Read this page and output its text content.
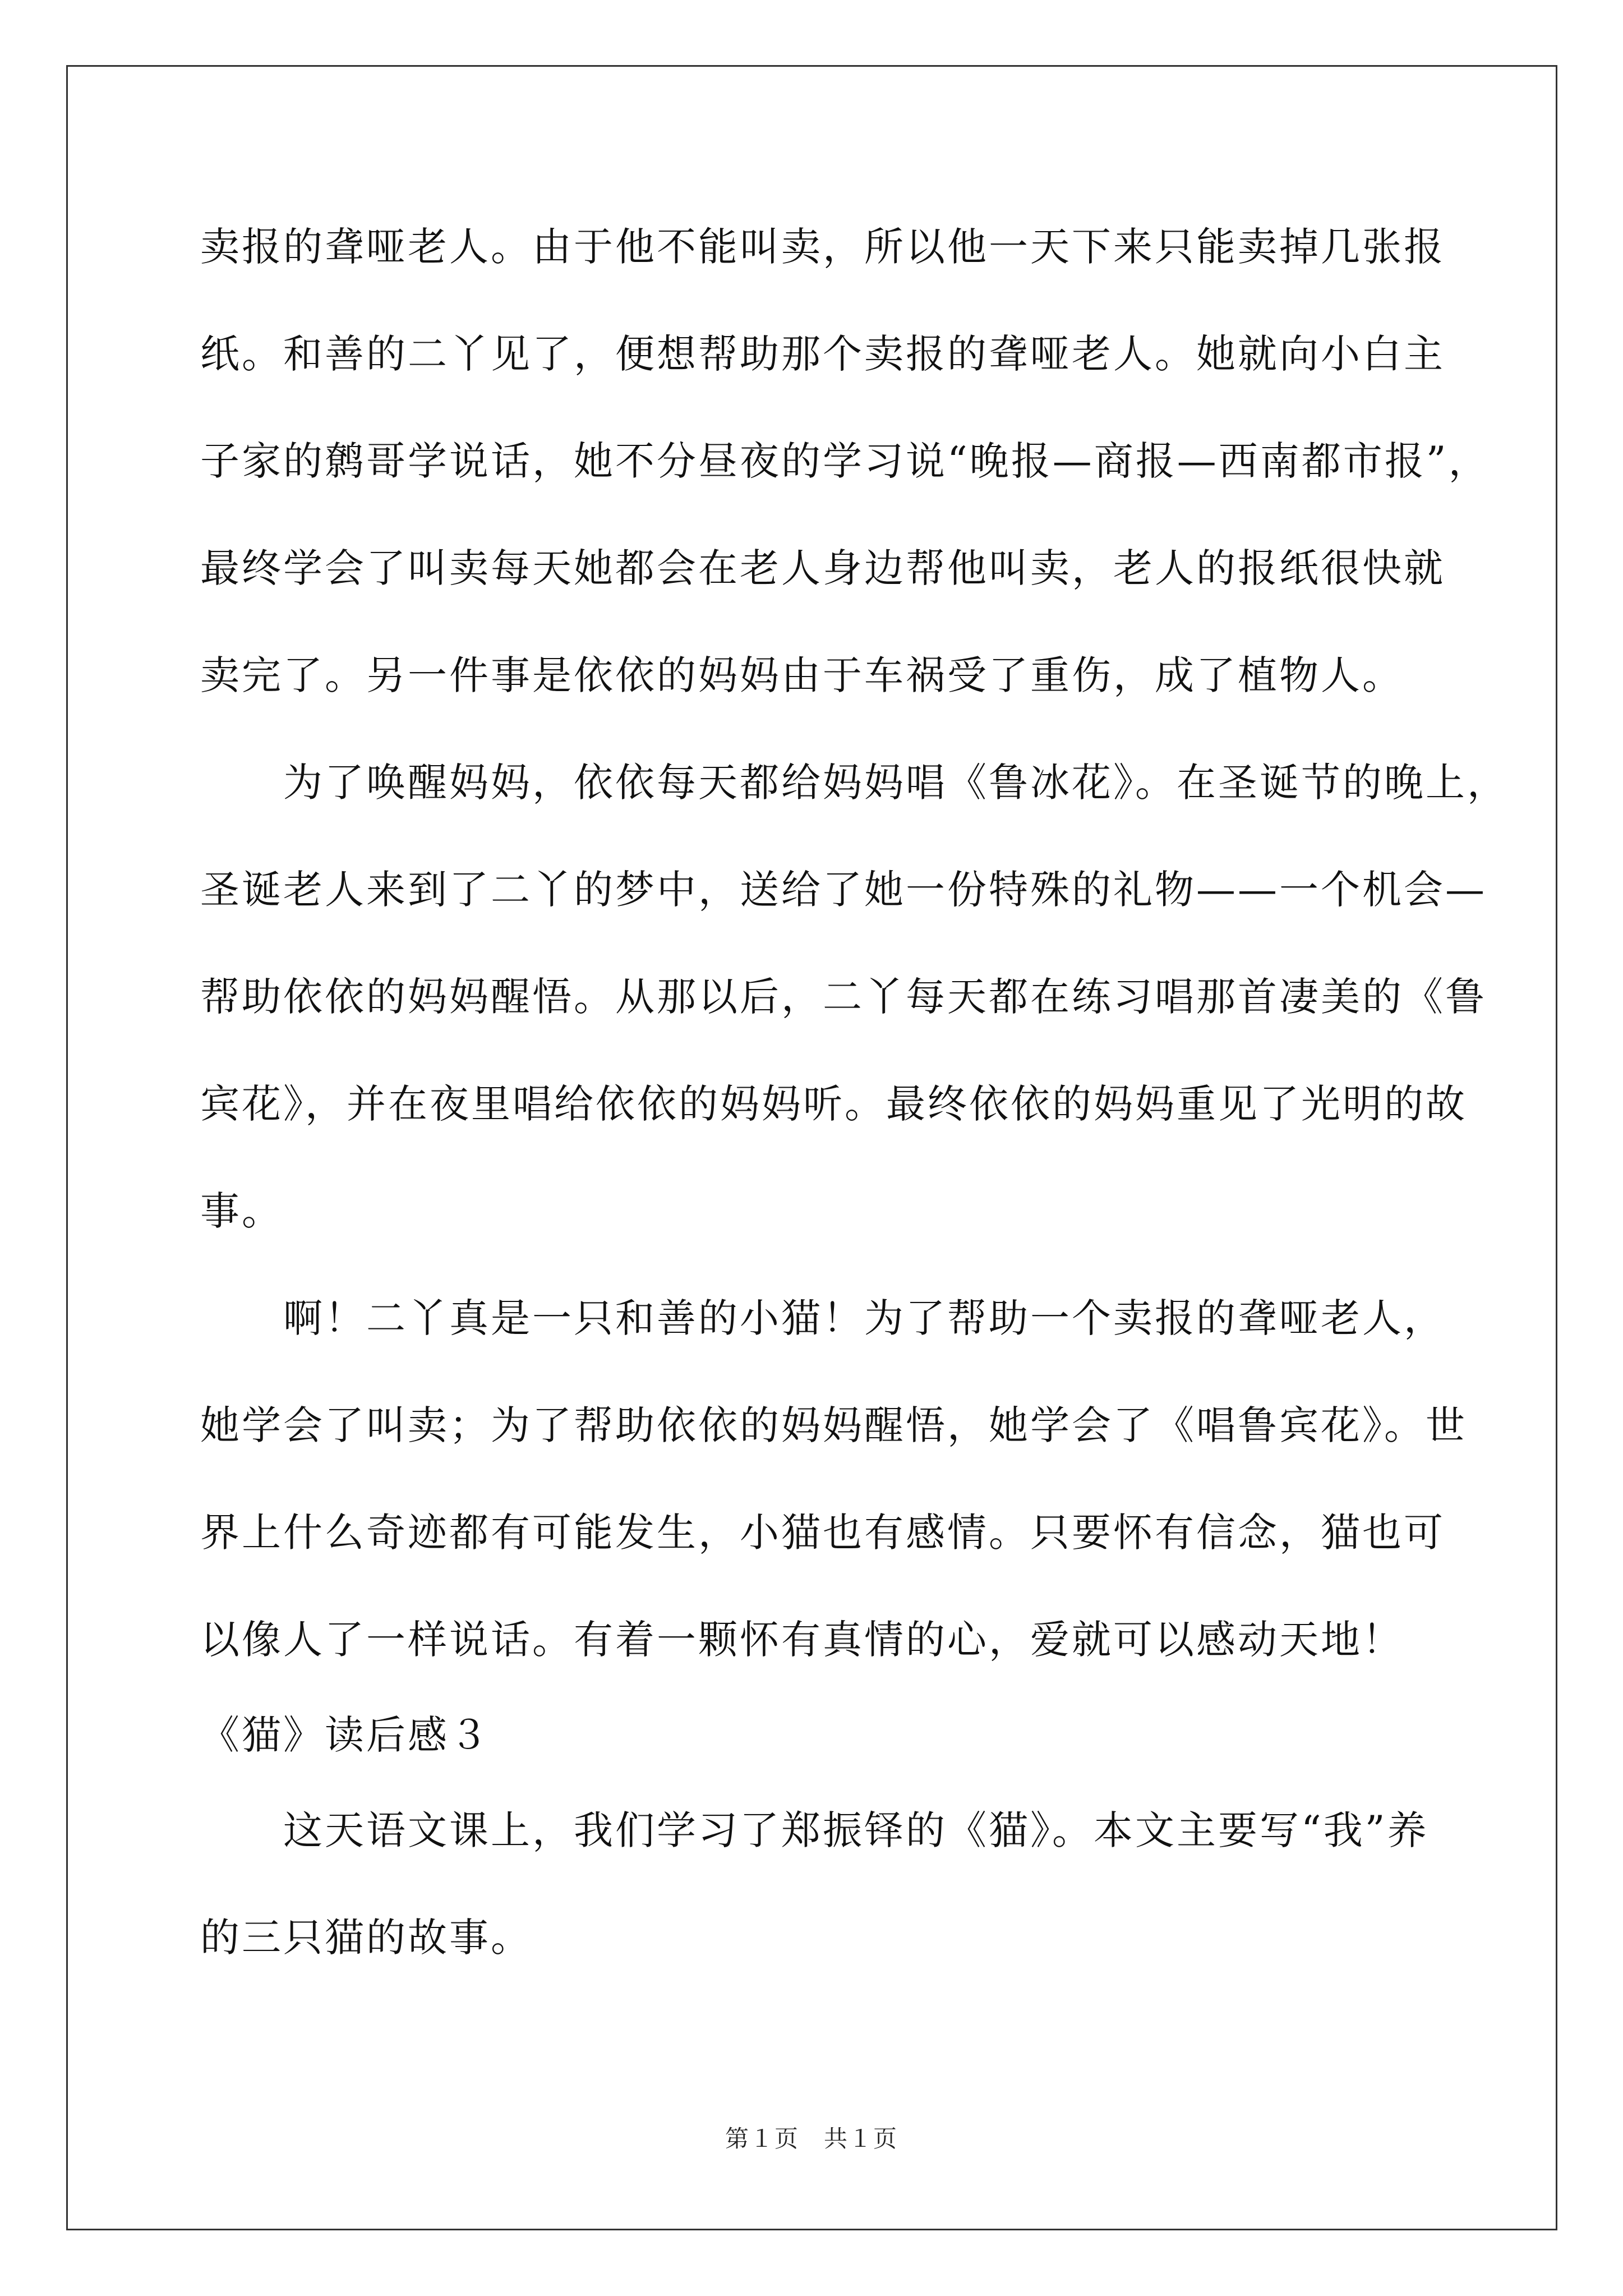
卖报的聋哑老人。由于他不能叫卖，所以他一天下来只能卖掉几张报
纸。和善的二丫见了，便想帮助那个卖报的聋哑老人。她就向小白主
子家的鹩哥学说话，她不分昼夜的学习说“晚报—商报—西南都市报”，
最终学会了叫卖每天她都会在老人身边帮他叫卖，老人的报纸很快就
卖完了。另一件事是依依的妈妈由于车祸受了重伤，成了植物人。
　　为了唤醒妈妈，依依每天都给妈妈唱《鲁冰花》。在圣诞节的晚上，
圣诞老人来到了二丫的梦中，送给了她一份特殊的礼物——一个机会—
帮助依依的妈妈醒悟。从那以后，二丫每天都在练习唱那首凄美的《鲁
宾花》，并在夜里唱给依依的妈妈听。最终依依的妈妈重见了光明的故
事。
　　啊！二丫真是一只和善的小猫！为了帮助一个卖报的聋哑老人，
她学会了叫卖；为了帮助依依的妈妈醒悟，她学会了《唱鲁宾花》。世
界上什么奇迹都有可能发生，小猫也有感情。只要怀有信念，猫也可
以像人了一样说话。有着一颗怀有真情的心，爱就可以感动天地！
《猫》读后感３
　　这天语文课上，我们学习了郑振铎的《猫》。本文主要写“我”养
的三只猫的故事。
第１页　共１页
